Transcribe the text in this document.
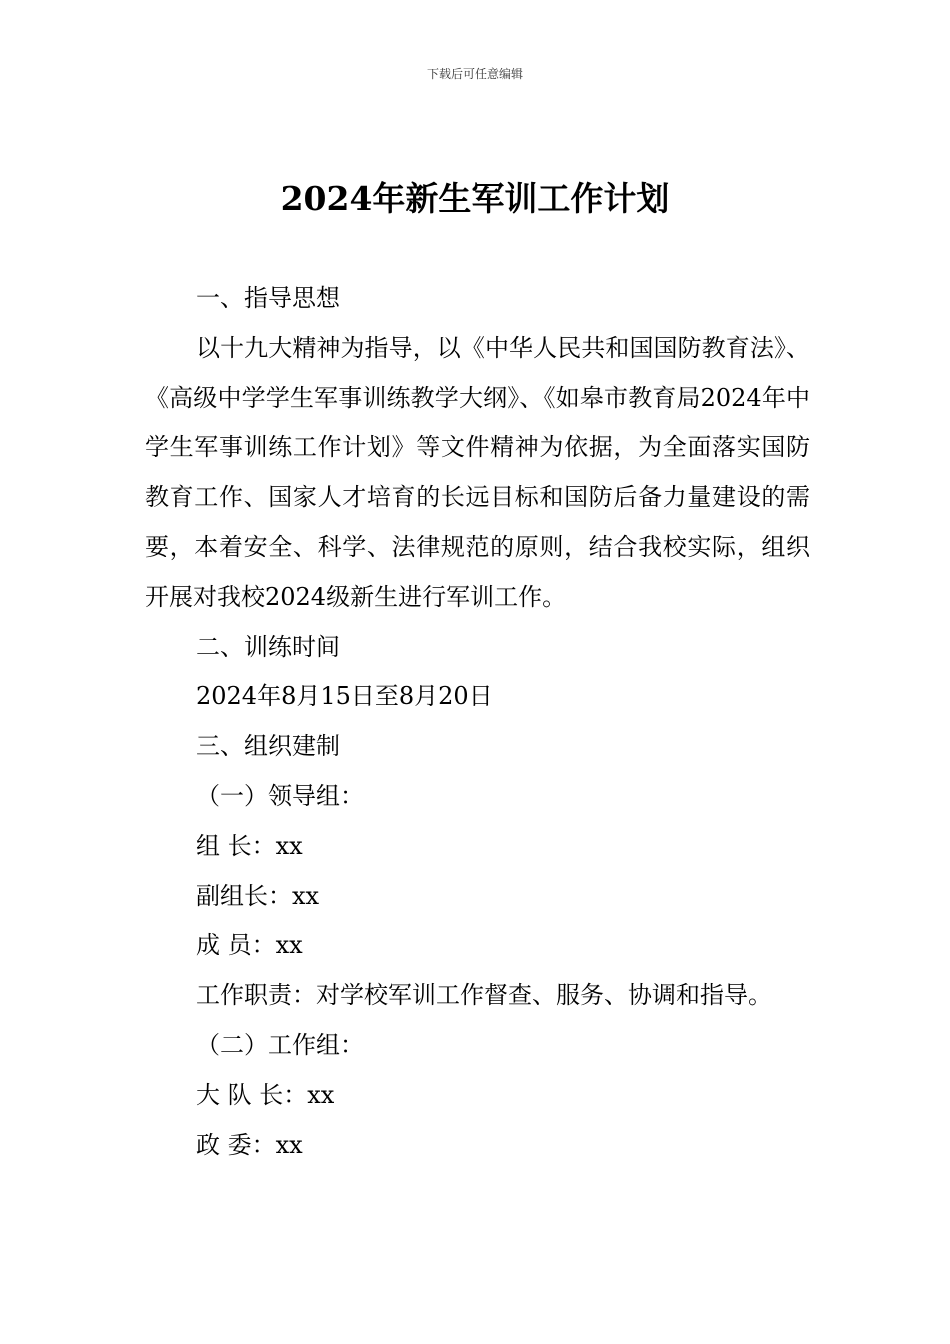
下载后可任意编辑
2024年新生军训工作计划

一、指导思想

以十九大精神为指导，以《中华人民共和国国防教育法》、《高级中学学生军事训练教学大纲》、《如皋市教育局2024年中学生军事训练工作计划》等文件精神为依据，为全面落实国防教育工作、国家人才培育的长远目标和国防后备力量建设的需要，本着安全、科学、法律规范的原则，结合我校实际，组织开展对我校2024级新生进行军训工作。

二、训练时间

2024年8月15日至8月20日

三、组织建制

（一）领导组：

组 长：xx

副组长：xx

成 员：xx

工作职责：对学校军训工作督查、服务、协调和指导。

（二）工作组：

大 队 长：xx

政 委：xx
